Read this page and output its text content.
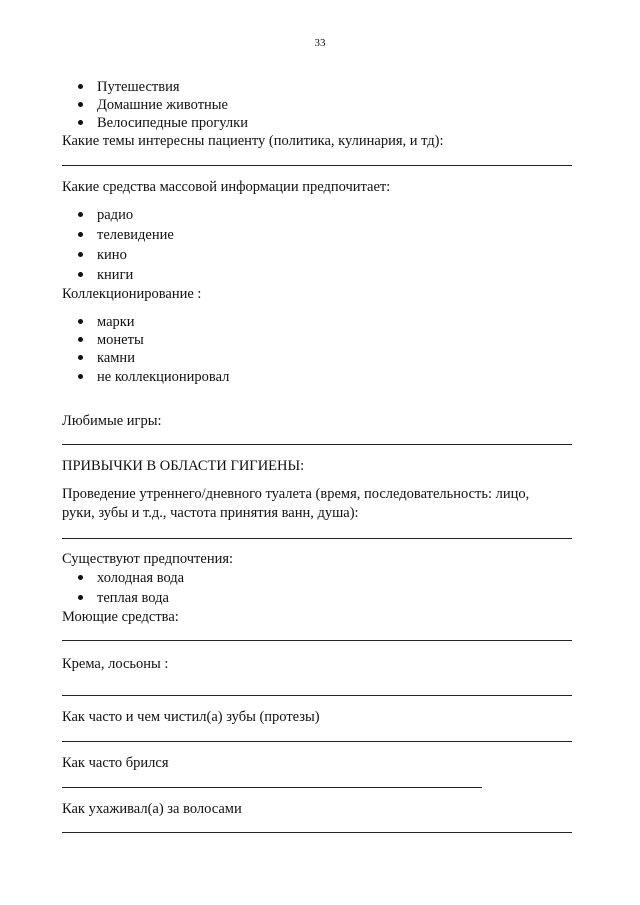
33
Путешествия
Домашние животные
Велосипедные прогулки
Какие темы интересны пациенту (политика, кулинария, и тд):
Какие средства массовой информации предпочитает:
радио
телевидение
кино
книги
Коллекционирование :
марки
монеты
камни
не коллекционировал
Любимые игры:
ПРИВЫЧКИ В ОБЛАСТИ ГИГИЕНЫ:
Проведение утреннего/дневного туалета (время, последовательность: лицо,
руки, зубы и т.д., частота принятия ванн, душа):
Существуют предпочтения:
холодная вода
теплая вода
Моющие средства:
Крема, лосьоны :
Как часто и чем чистил(а) зубы (протезы)
Как часто брился
Как ухаживал(а) за волосами
